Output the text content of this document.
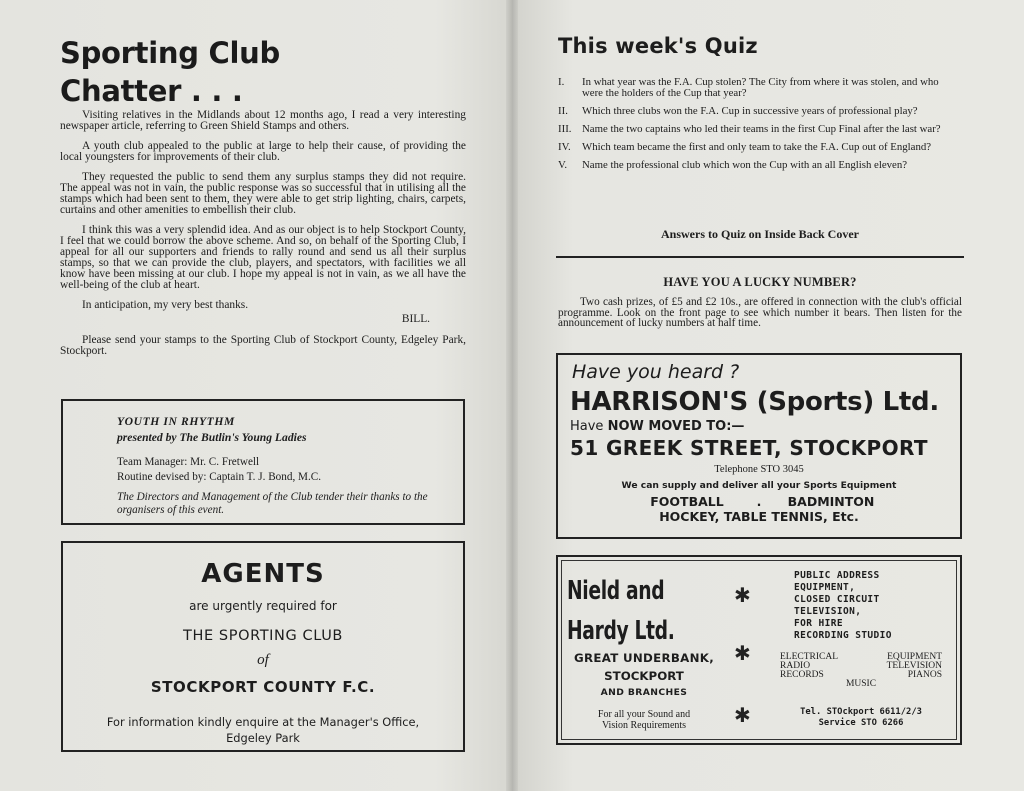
Sporting Club
Chatter . . .

Visiting relatives in the Midlands about 12 months ago, I read a very interesting newspaper article, referring to Green Shield Stamps and others.

A youth club appealed to the public at large to help their cause, of providing the local youngsters for improvements of their club.

They requested the public to send them any surplus stamps they did not require. The appeal was not in vain, the public response was so successful that in utilising all the stamps which had been sent to them, they were able to get strip lighting, chairs, carpets, curtains and other amenities to embellish their club.

I think this was a very splendid idea. And as our object is to help Stockport County, I feel that we could borrow the above scheme. And so, on behalf of the Sporting Club, I appeal for all our supporters and friends to rally round and send us all their surplus stamps, so that we can provide the club, players, and spectators, with facilities we all know have been missing at our club. I hope my appeal is not in vain, as we all have the well-being of the club at heart.

In anticipation, my very best thanks.

BILL.

Please send your stamps to the Sporting Club of Stockport County, Edgeley Park, Stockport.

YOUTH IN RHYTHM
presented by The Butlin's Young Ladies
Team Manager: Mr. C. Fretwell
Routine devised by: Captain T. J. Bond, M.C.
The Directors and Management of the Club tender their thanks to the organisers of this event.
AGENTS
are urgently required for
THE SPORTING CLUB
of
STOCKPORT COUNTY F.C.
For information kindly enquire at the Manager's Office,
Edgeley Park
This week's Quiz
I.	In what year was the F.A. Cup stolen? The City from where it was stolen, and who were the holders of the Cup that year?
II.	Which three clubs won the F.A. Cup in successive years of professional play?
III. Name the two captains who led their teams in the first Cup Final after the last war?
IV.	Which team became the first and only team to take the F.A. Cup out of England?
V.	Name the professional club which won the Cup with an all English eleven?
Answers to Quiz on Inside Back Cover
HAVE YOU A LUCKY NUMBER?
Two cash prizes, of £5 and £2 10s., are offered in connection with the club's official programme. Look on the front page to see which number it bears. Then listen for the announcement of lucky numbers at half time.
Have you heard ?
HARRISON'S (Sports) Ltd.
Have NOW MOVED TO:—
51 GREEK STREET, STOCKPORT
Telephone STO 3045
We can supply and deliver all your Sports Equipment
FOOTBALL	. BADMINTON
HOCKEY, TABLE TENNIS, Etc.
Nield and
Hardy Ltd.
GREAT UNDERBANK,
STOCKPORT
AND BRANCHES
For all your Sound and
Vision Requirements
✱
✱
✱
PUBLIC ADDRESS
EQUIPMENT,
CLOSED CIRCUIT
TELEVISION,
FOR HIRE
RECORDING STUDIO
ELECTRICAL	EQUIPMENT
RADIO	TELEVISION
RECORDS	PIANOS
MUSIC
Tel. STOckport 6611/2/3
Service STO 6266
